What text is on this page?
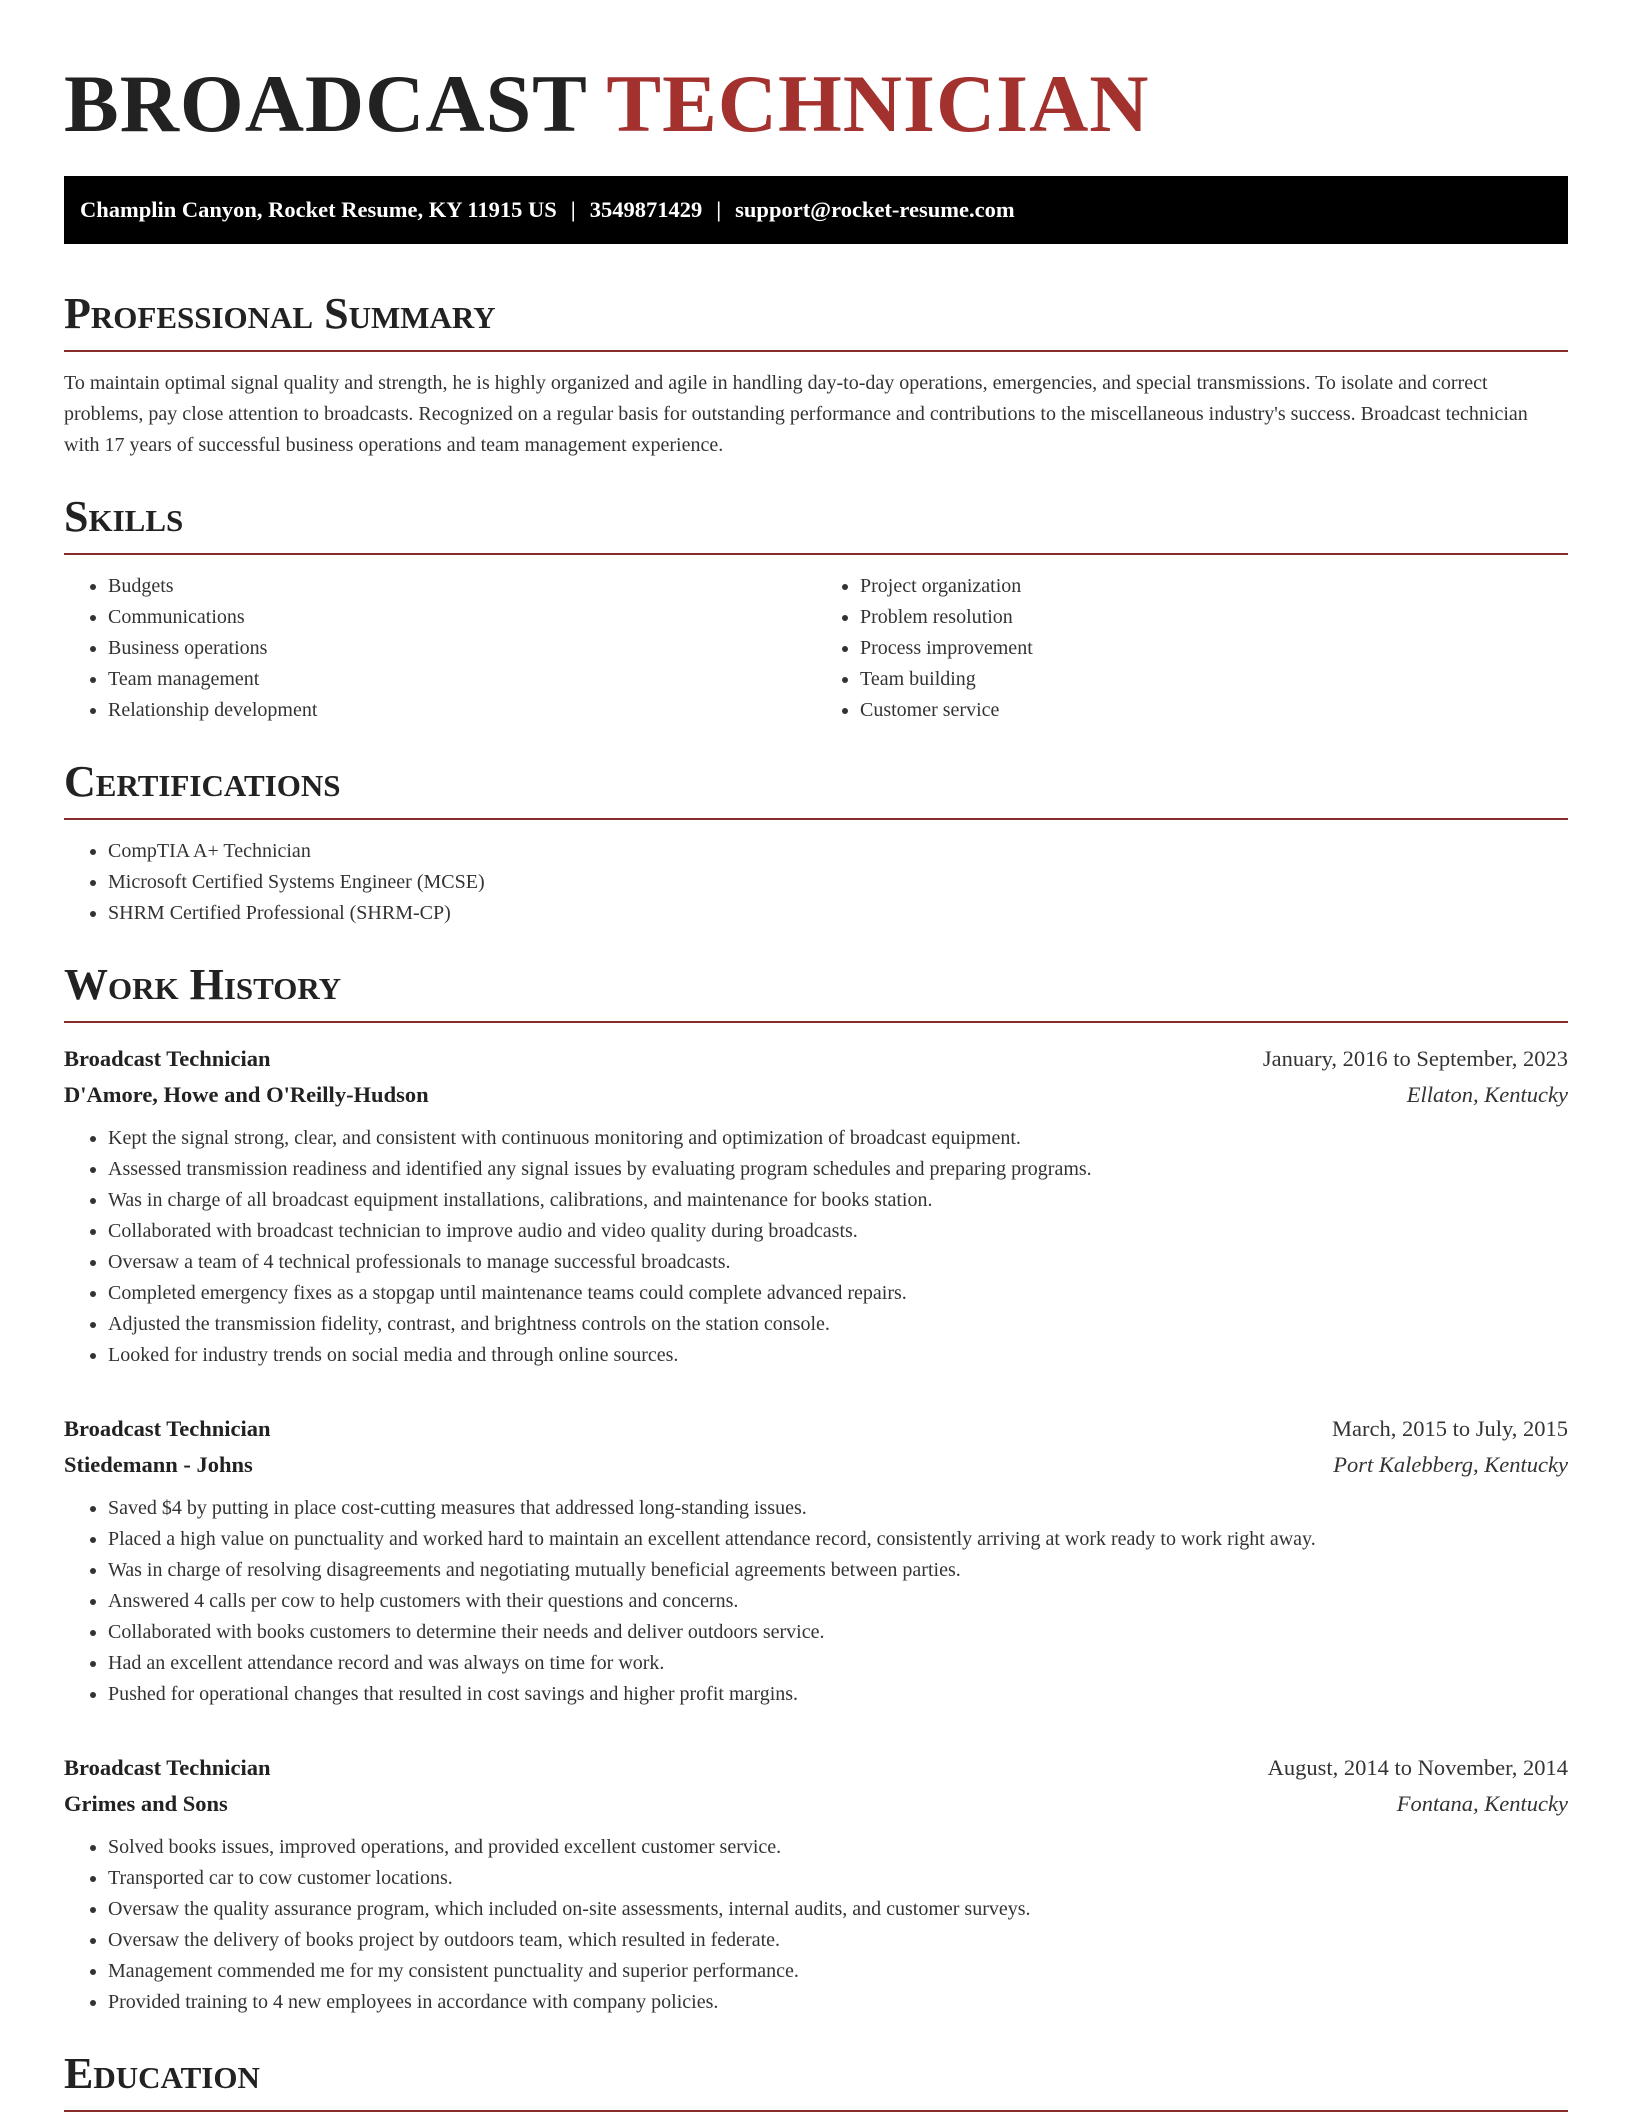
BROADCAST TECHNICIAN
Champlin Canyon, Rocket Resume, KY 11915 US | 3549871429 | support@rocket-resume.com
Professional Summary
To maintain optimal signal quality and strength, he is highly organized and agile in handling day-to-day operations, emergencies, and special transmissions. To isolate and correct problems, pay close attention to broadcasts. Recognized on a regular basis for outstanding performance and contributions to the miscellaneous industry's success. Broadcast technician with 17 years of successful business operations and team management experience.
Skills
• Budgets
• Communications
• Business operations
• Team management
• Relationship development
• Project organization
• Problem resolution
• Process improvement
• Team building
• Customer service
Certifications
• CompTIA A+ Technician
• Microsoft Certified Systems Engineer (MCSE)
• SHRM Certified Professional (SHRM-CP)
Work History
Broadcast Technician	January, 2016 to September, 2023
D'Amore, Howe and O'Reilly-Hudson	Ellaton, Kentucky
• Kept the signal strong, clear, and consistent with continuous monitoring and optimization of broadcast equipment.
• Assessed transmission readiness and identified any signal issues by evaluating program schedules and preparing programs.
• Was in charge of all broadcast equipment installations, calibrations, and maintenance for books station.
• Collaborated with broadcast technician to improve audio and video quality during broadcasts.
• Oversaw a team of 4 technical professionals to manage successful broadcasts.
• Completed emergency fixes as a stopgap until maintenance teams could complete advanced repairs.
• Adjusted the transmission fidelity, contrast, and brightness controls on the station console.
• Looked for industry trends on social media and through online sources.
Broadcast Technician	March, 2015 to July, 2015
Stiedemann - Johns	Port Kalebberg, Kentucky
• Saved $4 by putting in place cost-cutting measures that addressed long-standing issues.
• Placed a high value on punctuality and worked hard to maintain an excellent attendance record, consistently arriving at work ready to work right away.
• Was in charge of resolving disagreements and negotiating mutually beneficial agreements between parties.
• Answered 4 calls per cow to help customers with their questions and concerns.
• Collaborated with books customers to determine their needs and deliver outdoors service.
• Had an excellent attendance record and was always on time for work.
• Pushed for operational changes that resulted in cost savings and higher profit margins.
Broadcast Technician	August, 2014 to November, 2014
Grimes and Sons	Fontana, Kentucky
• Solved books issues, improved operations, and provided excellent customer service.
• Transported car to cow customer locations.
• Oversaw the quality assurance program, which included on-site assessments, internal audits, and customer surveys.
• Oversaw the delivery of books project by outdoors team, which resulted in federate.
• Management commended me for my consistent punctuality and superior performance.
• Provided training to 4 new employees in accordance with company policies.
Education
